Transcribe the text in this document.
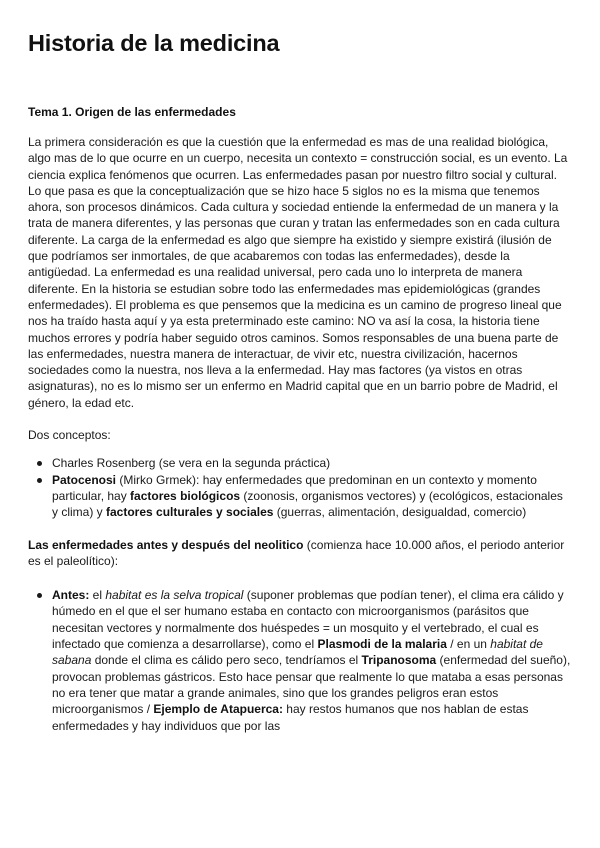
Historia de la medicina
Tema 1. Origen de las enfermedades

La primera consideración es que la cuestión que la enfermedad es mas de una realidad biológica, algo mas de lo que ocurre en un cuerpo, necesita un contexto = construcción social, es un evento. La ciencia explica fenómenos que ocurren. Las enfermedades pasan por nuestro filtro social y cultural. Lo que pasa es que la conceptualización que se hizo hace 5 siglos no es la misma que tenemos ahora, son procesos dinámicos. Cada cultura y sociedad entiende la enfermedad de un manera y la trata de manera diferentes, y las personas que curan y tratan las enfermedades son en cada cultura diferente. La carga de la enfermedad es algo que siempre ha existido y siempre existirá (ilusión de que podríamos ser inmortales, de que acabaremos con todas las enfermedades), desde la antigüedad. La enfermedad es una realidad universal, pero cada uno lo interpreta de manera diferente. En la historia se estudian sobre todo las enfermedades mas epidemiológicas (grandes enfermedades). El problema es que pensemos que la medicina es un camino de progreso lineal que nos ha traído hasta aquí y ya esta preterminado este camino: NO va así la cosa, la historia tiene muchos errores y podría haber seguido otros caminos. Somos responsables de una buena parte de las enfermedades, nuestra manera de interactuar, de vivir etc, nuestra civilización, hacernos sociedades como la nuestra, nos lleva a la enfermedad. Hay mas factores (ya vistos en otras asignaturas), no es lo mismo ser un enfermo en Madrid capital que en un barrio pobre de Madrid, el género, la edad etc.

Dos conceptos:

Charles Rosenberg (se vera en la segunda práctica)
Patocenosi (Mirko Grmek): hay enfermedades que predominan en un contexto y momento particular, hay factores biológicos (zoonosis, organismos vectores) y (ecológicos, estacionales y clima) y factores culturales y sociales (guerras, alimentación, desigualdad, comercio)

Las enfermedades antes y después del neolitico (comienza hace 10.000 años, el periodo anterior es el paleolítico):

Antes: el habitat es la selva tropical (suponer problemas que podían tener), el clima era cálido y húmedo en el que el ser humano estaba en contacto con microorganismos (parásitos que necesitan vectores y normalmente dos huéspedes = un mosquito y el vertebrado, el cual es infectado que comienza a desarrollarse), como el Plasmodi de la malaria / en un habitat de sabana donde el clima es cálido pero seco, tendríamos el Tripanosoma (enfermedad del sueño), provocan problemas gástricos. Esto hace pensar que realmente lo que mataba a esas personas no era tener que matar a grande animales, sino que los grandes peligros eran estos microorganismos / Ejemplo de Atapuerca: hay restos humanos que nos hablan de estas enfermedades y hay individuos que por las
